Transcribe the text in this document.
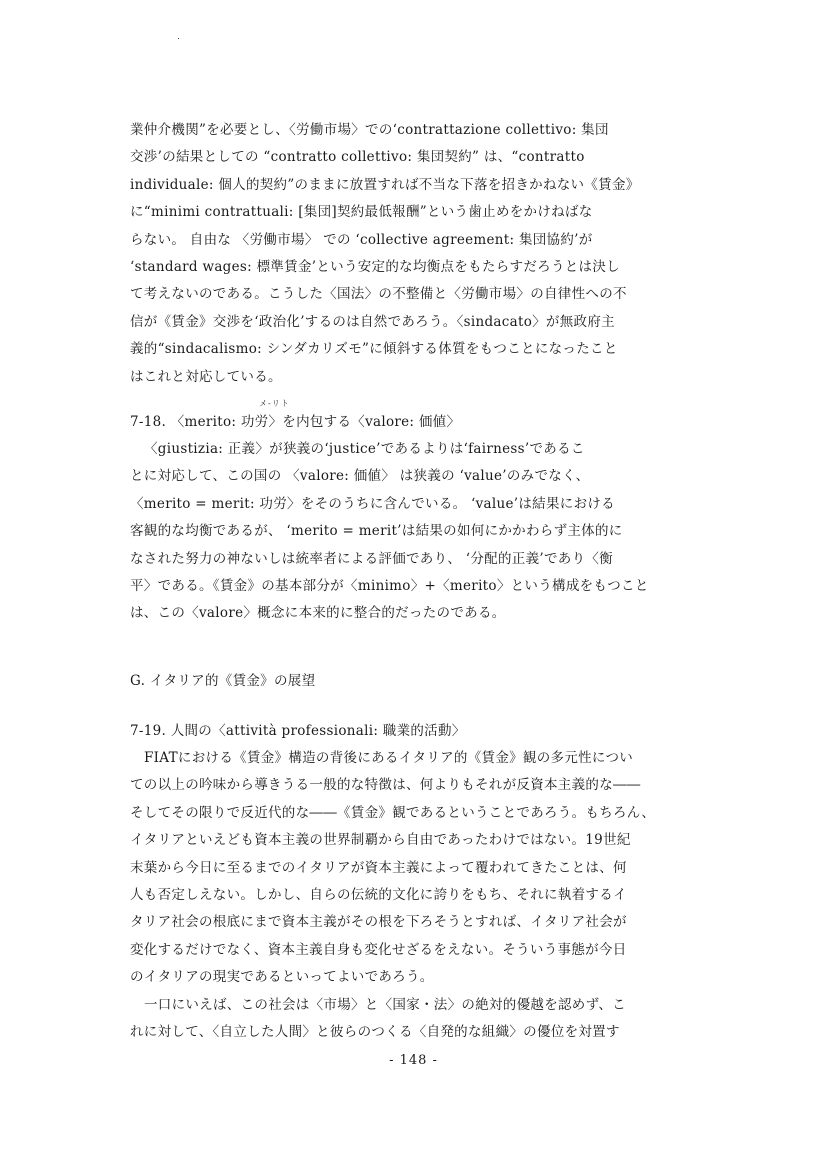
業仲介機関”を必要とし、〈労働市場〉での‘contrattazione collettivo: 集団
交渉’の結果としての “contratto collettivo: 集団契約” は、“contratto
individuale: 個人的契約”のままに放置すれば不当な下落を招きかねない《賃金》
に“minimi contrattuali: [集団]契約最低報酬”という歯止めをかけねばな
らない。 自由な 〈労働市場〉 での ‘collective agreement: 集団協約’が
‘standard wages: 標準賃金’という安定的な均衡点をもたらすだろうとは決し
て考えないのである。こうした〈国法〉の不整備と〈労働市場〉の自律性への不
信が《賃金》交渉を‘政治化’するのは自然であろう。〈sindacato〉が無政府主
義的“sindacalismo: シンダカリズモ”に傾斜する体質をもつことになったこと
はこれと対応している。
メ-リト
7-18. 〈merito: 功労〉を内包する〈valore: 価値〉
〈giustizia: 正義〉が狭義の‘justice’であるよりは‘fairness’であるこ
とに対応して、この国の 〈valore: 価値〉 は狭義の ‘value’のみでなく、
〈merito = merit: 功労〉をそのうちに含んでいる。 ‘value’は結果における
客観的な均衡であるが、 ‘merito = merit’は結果の如何にかかわらず主体的に
なされた努力の神ないしは統率者による評価であり、 ‘分配的正義’であり〈衡
平〉である。《賃金》の基本部分が〈minimo〉+〈merito〉という構成をもつこと
は、この〈valore〉概念に本来的に整合的だったのである。
G. イタリア的《賃金》の展望
7-19. 人間の〈attività professionali: 職業的活動〉
FIATにおける《賃金》構造の背後にあるイタリア的《賃金》観の多元性につい
ての以上の吟味から導きうる一般的な特徴は、何よりもそれが反資本主義的な――
そしてその限りで反近代的な――《賃金》観であるということであろう。もちろん、
イタリアといえども資本主義の世界制覇から自由であったわけではない。19世紀
末葉から今日に至るまでのイタリアが資本主義によって覆われてきたことは、何
人も否定しえない。しかし、自らの伝統的文化に誇りをもち、それに執着するイ
タリア社会の根底にまで資本主義がその根を下ろそうとすれば、イタリア社会が
変化するだけでなく、資本主義自身も変化せざるをえない。そういう事態が今日
のイタリアの現実であるといってよいであろう。
一口にいえば、この社会は〈市場〉と〈国家・法〉の絶対的優越を認めず、こ
れに対して、〈自立した人間〉と彼らのつくる〈自発的な組織〉の優位を対置す
- 148 -
